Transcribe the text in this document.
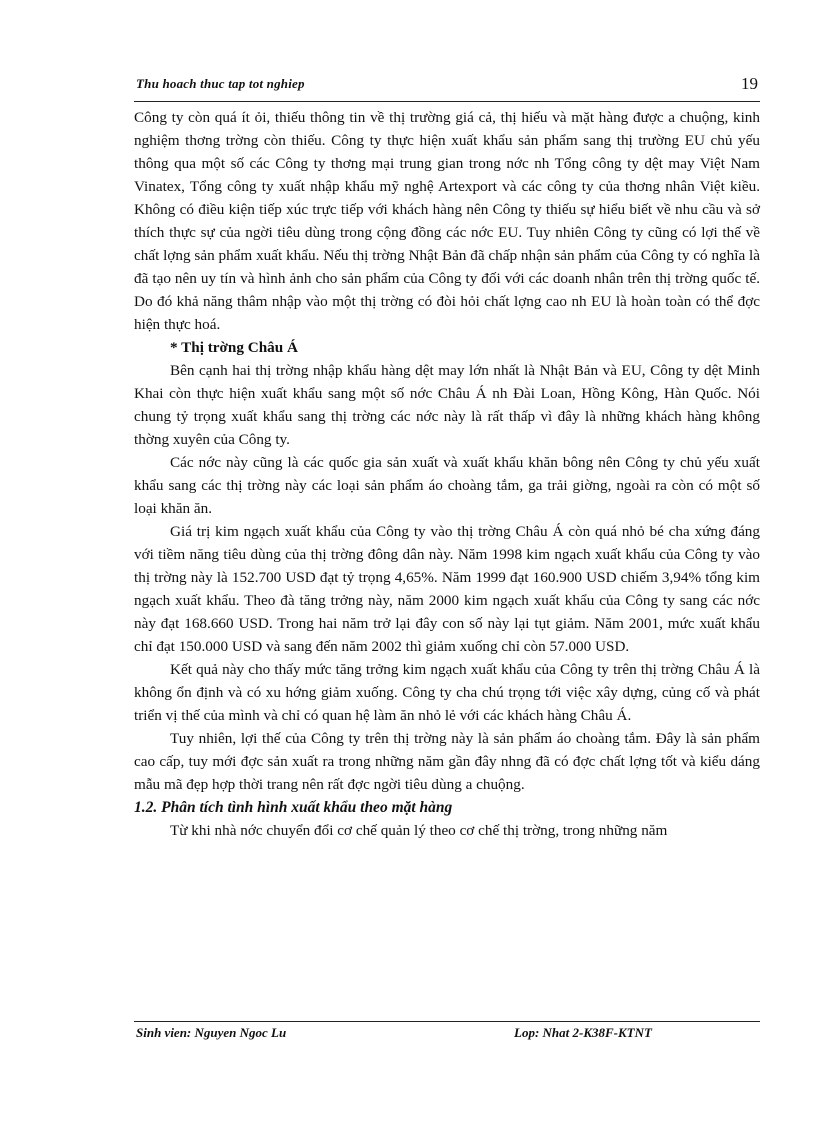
Thu hoach thuc tap tot nghiep	19

Công ty còn quá ít ỏi, thiếu thông tin về thị trường giá cả, thị hiếu và mặt hàng được a chuộng, kinh nghiệm thơng trờng còn thiếu. Công ty thực hiện xuất khẩu sản phẩm sang thị trường EU chủ yếu thông qua một số các Công ty thơng mại trung gian trong nớc nh Tổng công ty dệt may Việt Nam Vinatex, Tổng công ty xuất nhập khẩu mỹ nghệ Artexport và các công ty của thơng nhân Việt kiều. Không có điều kiện tiếp xúc trực tiếp với khách hàng nên Công ty thiếu sự hiểu biết về nhu cầu và sở thích thực sự của ngời tiêu dùng trong cộng đồng các nớc EU. Tuy nhiên Công ty cũng có lợi thế về chất lợng sản phẩm xuất khẩu. Nếu thị trờng Nhật Bản đã chấp nhận sản phẩm của Công ty có nghĩa là đã tạo nên uy tín và hình ảnh cho sản phẩm của Công ty đối với các doanh nhân trên thị trờng quốc tế. Do đó khả năng thâm nhập vào một thị trờng có đòi hỏi chất lợng cao nh EU là hoàn toàn có thể đợc hiện thực hoá.

* Thị trờng Châu Á

Bên cạnh hai thị trờng nhập khẩu hàng dệt may lớn nhất là Nhật Bản và EU, Công ty dệt Minh Khai còn thực hiện xuất khẩu sang một số nớc Châu Á nh Đài Loan, Hồng Kông, Hàn Quốc. Nói chung tỷ trọng xuất khẩu sang thị trờng các nớc này là rất thấp vì đây là những khách hàng không thờng xuyên của Công ty.

Các nớc này cũng là các quốc gia sản xuất và xuất khẩu khăn bông nên Công ty chủ yếu xuất khẩu sang các thị trờng này các loại sản phẩm áo choàng tắm, ga trải giờng, ngoài ra còn có một số loại khăn ăn.

Giá trị kim ngạch xuất khẩu của Công ty vào thị trờng Châu Á còn quá nhỏ bé cha xứng đáng với tiềm năng tiêu dùng của thị trờng đông dân này. Năm 1998 kim ngạch xuất khẩu của Công ty vào thị trờng này là 152.700 USD đạt tỷ trọng 4,65%. Năm 1999 đạt 160.900 USD chiếm 3,94% tổng kim ngạch xuất khẩu. Theo đà tăng trởng này, năm 2000 kim ngạch xuất khẩu của Công ty sang các nớc này đạt 168.660 USD. Trong hai năm trở lại đây con số này lại tụt giảm. Năm 2001, mức xuất khẩu chỉ đạt 150.000 USD và sang đến năm 2002 thì giảm xuống chỉ còn 57.000 USD.

Kết quả này cho thấy mức tăng trởng kim ngạch xuất khẩu của Công ty trên thị trờng Châu Á là không ổn định và có xu hớng giảm xuống. Công ty cha chú trọng tới việc xây dựng, củng cố và phát triển vị thế của mình và chỉ có quan hệ làm ăn nhỏ lẻ với các khách hàng Châu Á.

Tuy nhiên, lợi thế của Công ty trên thị trờng này là sản phẩm áo choàng tắm. Đây là sản phẩm cao cấp, tuy mới đợc sản xuất ra trong những năm gần đây nhng đã có đợc chất lợng tốt và kiểu dáng mẫu mã đẹp hợp thời trang nên rất đợc ngời tiêu dùng a chuộng.

1.2. Phân tích tình hình xuất khẩu theo mặt hàng

Từ khi nhà nớc chuyển đổi cơ chế quản lý theo cơ chế thị trờng, trong những năm

Sinh vien: Nguyen Ngoc Lu	Lop: Nhat 2-K38F-KTNT
